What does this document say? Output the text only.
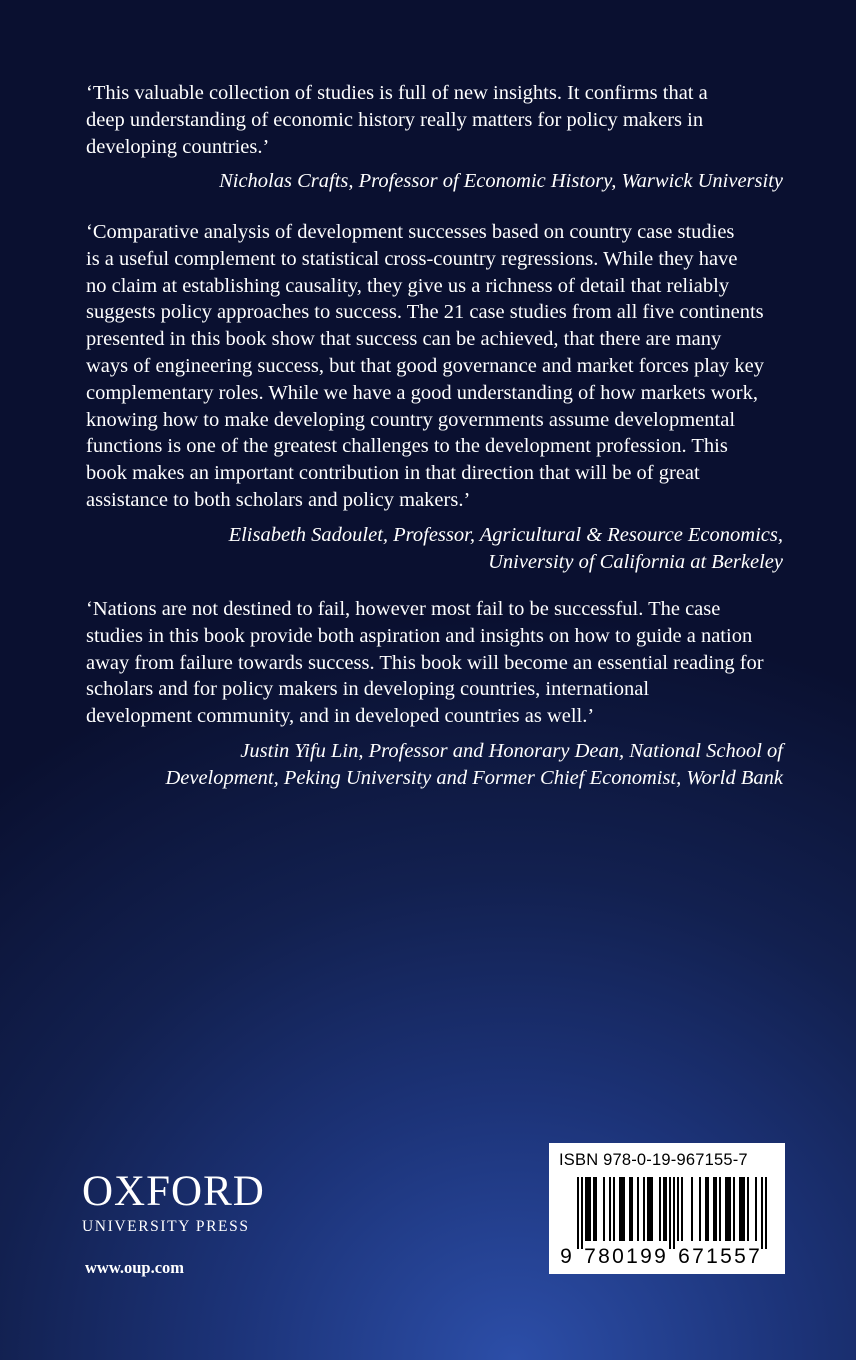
‘This valuable collection of studies is full of new insights. It confirms that a
deep understanding of economic history really matters for policy makers in
developing countries.’

Nicholas Crafts, Professor of Economic History, Warwick University

‘Comparative analysis of development successes based on country case studies
is a useful complement to statistical cross-country regressions. While they have
no claim at establishing causality, they give us a richness of detail that reliably
suggests policy approaches to success. The 21 case studies from all five continents
presented in this book show that success can be achieved, that there are many
ways of engineering success, but that good governance and market forces play key
complementary roles. While we have a good understanding of how markets work,
knowing how to make developing country governments assume developmental
functions is one of the greatest challenges to the development profession. This
book makes an important contribution in that direction that will be of great
assistance to both scholars and policy makers.’

Elisabeth Sadoulet, Professor, Agricultural & Resource Economics,
University of California at Berkeley

‘Nations are not destined to fail, however most fail to be successful. The case
studies in this book provide both aspiration and insights on how to guide a nation
away from failure towards success. This book will become an essential reading for
scholars and for policy makers in developing countries, international
development community, and in developed countries as well.’

Justin Yifu Lin, Professor and Honorary Dean, National School of
Development, Peking University and Former Chief Economist, World Bank
OXFORD
UNIVERSITY PRESS
www.oup.com
ISBN 978-0-19-967155-7
9 7 8 0 1 9 9 6 7 1 5 5 7
